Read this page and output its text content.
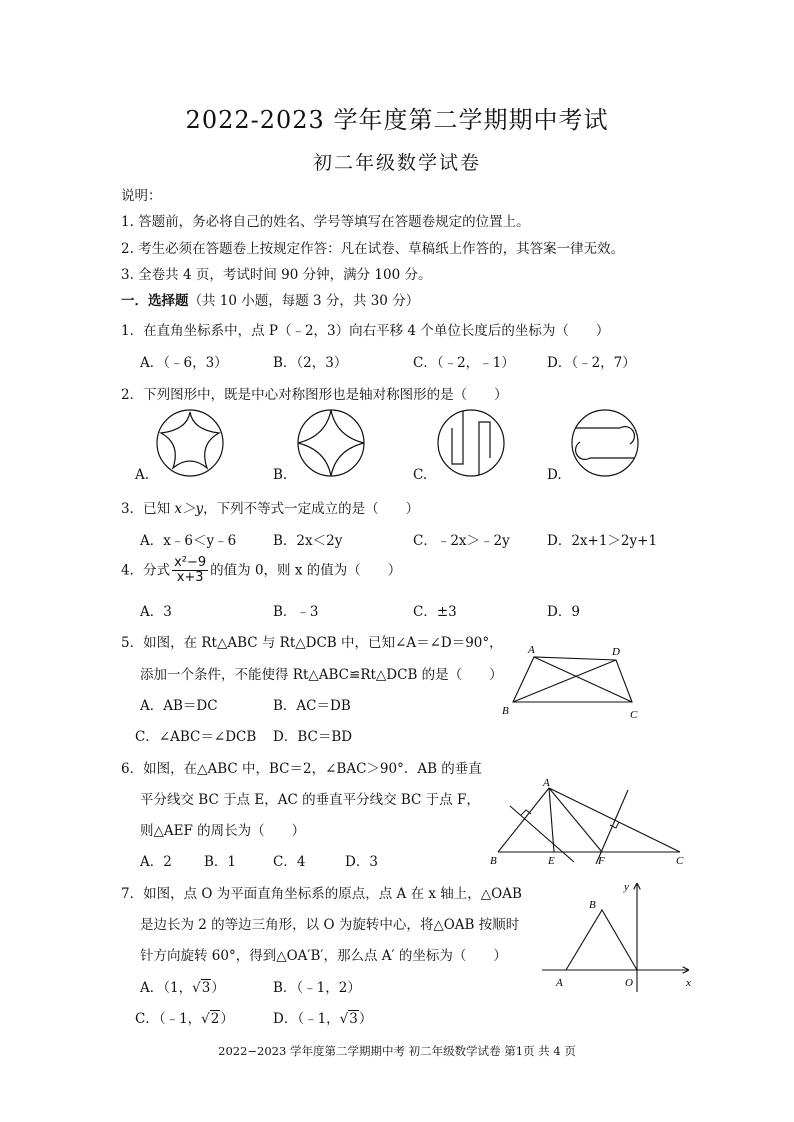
2022-2023 学年度第二学期期中考试
初二年级数学试卷
说明：
1. 答题前，务必将自己的姓名、学号等填写在答题卷规定的位置上。
2. 考生必须在答题卷上按规定作答：凡在试卷、草稿纸上作答的，其答案一律无效。
3. 全卷共 4 页，考试时间 90 分钟，满分 100 分。
一．选择题（共 10 小题，每题 3 分，共 30 分）
1．在直角坐标系中，点 P（﹣2，3）向右平移 4 个单位长度后的坐标为（　　）
A．（﹣6，3）	B．（2，3）	C．（﹣2，﹣1） D．（﹣2，7）
2．下列图形中，既是中心对称图形也是轴对称图形的是（　　）
A.	B.	C.	D.
3．已知 x＞y，下列不等式一定成立的是（　　）
A．x﹣6＜y﹣6	B．2x＜2y	C．﹣2x＞﹣2y	D．2x+1＞2y+1
4．分式 $\frac{\text{x²−9}}{x+3}$ 的值为 0，则 x 的值为（　　）
A．3	B．﹣3	C．±3	D．9
5．如图，在 Rt△ABC 与 Rt△DCB 中，已知∠A＝∠D＝90°，
添加一个条件，不能使得 Rt△ABC≌Rt△DCB 的是（　　）
A．AB＝DC	B．AC＝DB
C．∠ABC＝∠DCB D．BC＝BD
A	D
B	C
6．如图，在△ABC 中，BC＝2，∠BAC＞90°．AB 的垂直
平分线交 BC 于点 E，AC 的垂直平分线交 BC 于点 F，
则△AEF 的周长为（　　）
A．2 B．1	C．4	D．3
A
B	E	F	C
7．如图，点 O 为平面直角坐标系的原点，点 A 在 x 轴上，△OAB
是边长为 2 的等边三角形，以 O 为旋转中心，将△OAB 按顺时
针方向旋转 60°，得到△OA′B′，那么点 A′ 的坐标为（　　）
A．（1，√3）	B．（﹣1，2）
C．（﹣1，√2）	D．（﹣1，√3）
y
x
B
A	O
2022−2023 学年度第二学期期中考 初二年级数学试卷 第1页 共 4 页
